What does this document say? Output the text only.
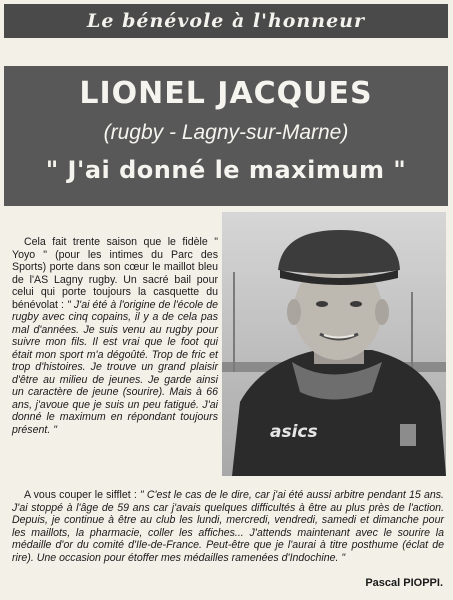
Le bénévole à l'honneur
LIONEL JACQUES
(rugby - Lagny-sur-Marne)
" J'ai donné le maximum "
asics

Cela fait trente saison que le fidèle " Yoyo " (pour les intimes du Parc des Sports) porte dans son cœur le maillot bleu de l'AS Lagny rugby. Un sacré bail pour celui qui porte toujours la casquette du bénévolat : " J'ai été à l'origine de l'école de rugby avec cinq copains, il y a de cela pas mal d'années. Je suis venu au rugby pour suivre mon fils. Il est vrai que le foot qui était mon sport m'a dégoûté. Trop de fric et trop d'histoires. Je trouve un grand plaisir d'être au milieu de jeunes. Je garde ainsi un caractère de jeune (sourire). Mais à 66 ans, j'avoue que je suis un peu fatigué. J'ai donné le maximum en répondant toujours présent. "

A vous couper le sifflet : " C'est le cas de le dire, car j'ai été aussi arbitre pendant 15 ans. J'ai stoppé à l'âge de 59 ans car j'avais quelques difficultés à être au plus près de l'action. Depuis, je continue à être au club les lundi, mercredi, vendredi, samedi et dimanche pour les maillots, la pharmacie, coller les affiches... J'attends maintenant avec le sourire la médaille d'or du comité d'Ile-de-France. Peut-être que je l'aurai à titre posthume (éclat de rire). Une occasion pour étoffer mes médailles ramenées d'Indochine. "

Pascal PIOPPI.
